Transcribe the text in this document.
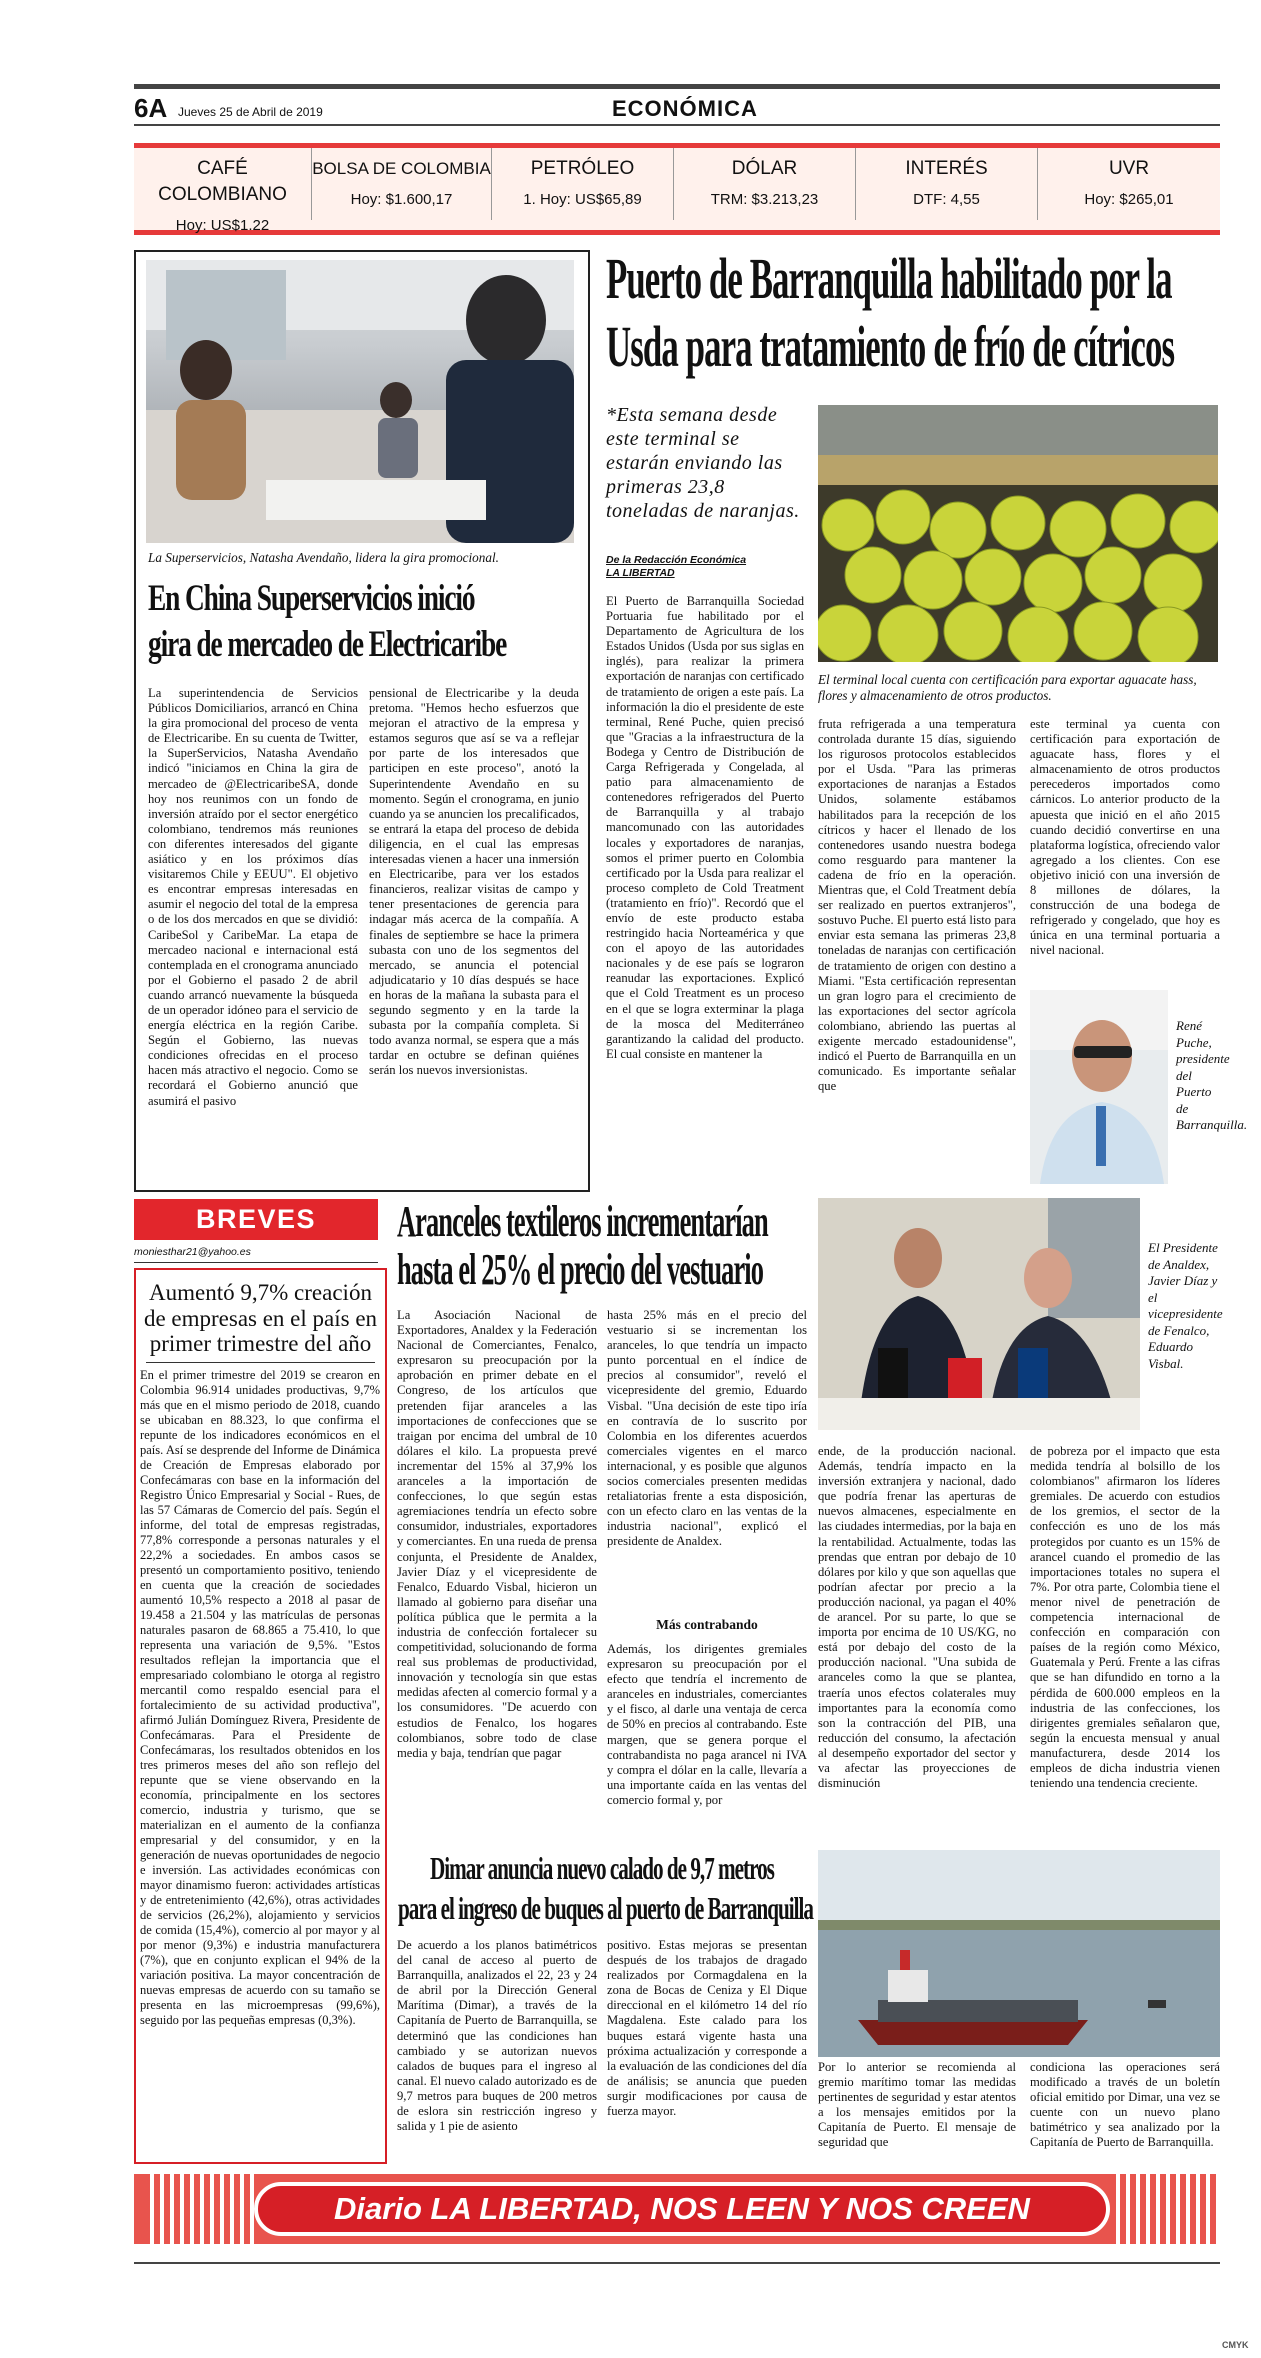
6A Jueves 25 de Abril de 2019	ECONÓMICA
CAFÉ COLOMBIANO
Hoy: US$1.22
BOLSA DE COLOMBIA
Hoy: $1.600,17
PETRÓLEO
1. Hoy: US$65,89
DÓLAR
TRM: $3.213,23
INTERÉS
DTF: 4,55
UVR
Hoy: $265,01
La Superservicios, Natasha Avendaño, lidera la gira promocional.
En China Superservicios inició
gira de mercadeo de Electricaribe
La superintendencia de Servicios Públicos Domiciliarios, arrancó en China la gira promocional del proceso de venta de Electricaribe. En su cuenta de Twitter, la SuperServicios, Natasha Avendaño indicó "iniciamos en China la gira de mercadeo de @ElectricaribeSA, donde hoy nos reunimos con un fondo de inversión atraído por el sector energético colombiano, tendremos más reuniones con diferentes interesados del gigante asiático y en los próximos días visitaremos Chile y EEUU". El objetivo es encontrar empresas interesadas en asumir el negocio del total de la empresa o de los dos mercados en que se dividió: CaribeSol y CaribeMar. La etapa de mercadeo nacional e internacional está contemplada en el cronograma anunciado por el Gobierno el pasado 2 de abril cuando arrancó nuevamente la búsqueda de un operador idóneo para el servicio de energía eléctrica en la región Caribe. Según el Gobierno, las nuevas condiciones ofrecidas en el proceso hacen más atractivo el negocio. Como se recordará el Gobierno anunció que asumirá el pasivo
pensional de Electricaribe y la deuda pretoma. "Hemos hecho esfuerzos que mejoran el atractivo de la empresa y estamos seguros que así se va a reflejar por parte de los interesados que participen en este proceso", anotó la Superintendente Avendaño en su momento. Según el cronograma, en junio cuando ya se anuncien los precalificados, se entrará la etapa del proceso de debida diligencia, en el cual las empresas interesadas vienen a hacer una inmersión en Electricaribe, para ver los estados financieros, realizar visitas de campo y tener presentaciones de gerencia para indagar más acerca de la compañía. A finales de septiembre se hace la primera subasta con uno de los segmentos del mercado, se anuncia el potencial adjudicatario y 10 días después se hace en horas de la mañana la subasta para el segundo segmento y en la tarde la subasta por la compañía completa. Si todo avanza normal, se espera que a más tardar en octubre se definan quiénes serán los nuevos inversionistas.
Puerto de Barranquilla habilitado por la
Usda para tratamiento de frío de cítricos
*Esta semana desde este terminal se estarán enviando las primeras 23,8 toneladas de naranjas.
De la Redacción Económica
LA LIBERTAD
El terminal local cuenta con certificación para exportar aguacate hass, flores y almacenamiento de otros productos.
El Puerto de Barranquilla Sociedad Portuaria fue habilitado por el Departamento de Agricultura de los Estados Unidos (Usda por sus siglas en inglés), para realizar la primera exportación de naranjas con certificado de tratamiento de origen a este país. La información la dio el presidente de este terminal, René Puche, quien precisó que "Gracias a la infraestructura de la Bodega y Centro de Distribución de Carga Refrigerada y Congelada, al patio para almacenamiento de contenedores refrigerados del Puerto de Barranquilla y al trabajo mancomunado con las autoridades locales y exportadores de naranjas, somos el primer puerto en Colombia certificado por la Usda para realizar el proceso completo de Cold Treatment (tratamiento en frío)". Recordó que el envío de este producto estaba restringido hacia Norteamérica y que con el apoyo de las autoridades nacionales y de ese país se lograron reanudar las exportaciones. Explicó que el Cold Treatment es un proceso en el que se logra exterminar la plaga de la mosca del Mediterráneo garantizando la calidad del producto. El cual consiste en mantener la
fruta refrigerada a una temperatura controlada durante 15 días, siguiendo los rigurosos protocolos establecidos por el Usda. "Para las primeras exportaciones de naranjas a Estados Unidos, solamente estábamos habilitados para la recepción de los cítricos y hacer el llenado de los contenedores usando nuestra bodega como resguardo para mantener la cadena de frío en la operación. Mientras que, el Cold Treatment debía ser realizado en puertos extranjeros", sostuvo Puche. El puerto está listo para enviar esta semana las primeras 23,8 toneladas de naranjas con certificación de tratamiento de origen con destino a Miami. "Esta certificación representan un gran logro para el crecimiento de las exportaciones del sector agrícola colombiano, abriendo las puertas al exigente mercado estadounidense", indicó el Puerto de Barranquilla en un comunicado. Es importante señalar que
este terminal ya cuenta con certificación para exportación de aguacate hass, flores y el almacenamiento de otros productos perecederos importados como cárnicos. Lo anterior producto de la apuesta que inició en el año 2015 cuando decidió convertirse en una plataforma logística, ofreciendo valor agregado a los clientes. Con ese objetivo inició con una inversión de 8 millones de dólares, la construcción de una bodega de refrigerado y congelado, que hoy es única en una terminal portuaria a nivel nacional.
René Puche, presidente del Puerto de Barranquilla.
BREVES
moniesthar21@yahoo.es
Aumentó 9,7% creación de empresas en el país en primer trimestre del año
En el primer trimestre del 2019 se crearon en Colombia 96.914 unidades productivas, 9,7% más que en el mismo periodo de 2018, cuando se ubicaban en 88.323, lo que confirma el repunte de los indicadores económicos en el país. Así se desprende del Informe de Dinámica de Creación de Empresas elaborado por Confecámaras con base en la información del Registro Único Empresarial y Social - Rues, de las 57 Cámaras de Comercio del país. Según el informe, del total de empresas registradas, 77,8% corresponde a personas naturales y el 22,2% a sociedades. En ambos casos se presentó un comportamiento positivo, teniendo en cuenta que la creación de sociedades aumentó 10,5% respecto a 2018 al pasar de 19.458 a 21.504 y las matrículas de personas naturales pasaron de 68.865 a 75.410, lo que representa una variación de 9,5%. "Estos resultados reflejan la importancia que el empresariado colombiano le otorga al registro mercantil como respaldo esencial para el fortalecimiento de su actividad productiva", afirmó Julián Domínguez Rivera, Presidente de Confecámaras. Para el Presidente de Confecámaras, los resultados obtenidos en los tres primeros meses del año son reflejo del repunte que se viene observando en la economía, principalmente en los sectores comercio, industria y turismo, que se materializan en el aumento de la confianza empresarial y del consumidor, y en la generación de nuevas oportunidades de negocio e inversión. Las actividades económicas con mayor dinamismo fueron: actividades artísticas y de entretenimiento (42,6%), otras actividades de servicios (26,2%), alojamiento y servicios de comida (15,4%), comercio al por mayor y al por menor (9,3%) e industria manufacturera (7%), que en conjunto explican el 94% de la variación positiva. La mayor concentración de nuevas empresas de acuerdo con su tamaño se presenta en las microempresas (99,6%), seguido por las pequeñas empresas (0,3%).
Aranceles textileros incrementarían
hasta el 25% el precio del vestuario
La Asociación Nacional de Exportadores, Analdex y la Federación Nacional de Comerciantes, Fenalco, expresaron su preocupación por la aprobación en primer debate en el Congreso, de los artículos que pretenden fijar aranceles a las importaciones de confecciones que se traigan por encima del umbral de 10 dólares el kilo. La propuesta prevé incrementar del 15% al 37,9% los aranceles a la importación de confecciones, lo que según estas agremiaciones tendría un efecto sobre consumidor, industriales, exportadores y comerciantes. En una rueda de prensa conjunta, el Presidente de Analdex, Javier Díaz y el vicepresidente de Fenalco, Eduardo Visbal, hicieron un llamado al gobierno para diseñar una política pública que le permita a la industria de confección fortalecer su competitividad, solucionando de forma real sus problemas de productividad, innovación y tecnología sin que estas medidas afecten al comercio formal y a los consumidores. "De acuerdo con estudios de Fenalco, los hogares colombianos, sobre todo de clase media y baja, tendrían que pagar
hasta 25% más en el precio del vestuario si se incrementan los aranceles, lo que tendría un impacto punto porcentual en el índice de precios al consumidor", reveló el vicepresidente del gremio, Eduardo Visbal. "Una decisión de este tipo iría en contravía de lo suscrito por Colombia en los diferentes acuerdos comerciales vigentes en el marco internacional, y es posible que algunos socios comerciales presenten medidas retaliatorias frente a esta disposición, con un efecto claro en las ventas de la industria nacional", explicó el presidente de Analdex.
Más contrabando
Además, los dirigentes gremiales expresaron su preocupación por el efecto que tendría el incremento de aranceles en industriales, comerciantes y el fisco, al darle una ventaja de cerca de 50% en precios al contrabando. Este margen, que se genera porque el contrabandista no paga arancel ni IVA y compra el dólar en la calle, llevaría a una importante caída en las ventas del comercio formal y, por
El Presidente de Analdex, Javier Díaz y el vicepresidente de Fenalco, Eduardo Visbal.
ende, de la producción nacional. Además, tendría impacto en la inversión extranjera y nacional, dado que podría frenar las aperturas de nuevos almacenes, especialmente en las ciudades intermedias, por la baja en la rentabilidad. Actualmente, todas las prendas que entran por debajo de 10 dólares por kilo y que son aquellas que podrían afectar por precio a la producción nacional, ya pagan el 40% de arancel. Por su parte, lo que se importa por encima de 10 US/KG, no está por debajo del costo de la producción nacional. "Una subida de aranceles como la que se plantea, traería unos efectos colaterales muy importantes para la economía como son la contracción del PIB, una reducción del consumo, la afectación al desempeño exportador del sector y va afectar las proyecciones de disminución
de pobreza por el impacto que esta medida tendría al bolsillo de los colombianos" afirmaron los líderes gremiales. De acuerdo con estudios de los gremios, el sector de la confección es uno de los más protegidos por cuanto es un 15% de arancel cuando el promedio de las importaciones totales no supera el 7%. Por otra parte, Colombia tiene el menor nivel de penetración de competencia internacional de confección en comparación con países de la región como México, Guatemala y Perú. Frente a las cifras que se han difundido en torno a la pérdida de 600.000 empleos en la industria de las confecciones, los dirigentes gremiales señalaron que, según la encuesta mensual y anual manufacturera, desde 2014 los empleos de dicha industria vienen teniendo una tendencia creciente.
Dimar anuncia nuevo calado de 9,7 metros
para el ingreso de buques al puerto de Barranquilla
De acuerdo a los planos batimétricos del canal de acceso al puerto de Barranquilla, analizados el 22, 23 y 24 de abril por la Dirección General Marítima (Dimar), a través de la Capitanía de Puerto de Barranquilla, se determinó que las condiciones han cambiado y se autorizan nuevos calados de buques para el ingreso al canal. El nuevo calado autorizado es de 9,7 metros para buques de 200 metros de eslora sin restricción ingreso y salida y 1 pie de asiento
positivo. Estas mejoras se presentan después de los trabajos de dragado realizados por Cormagdalena en la zona de Bocas de Ceniza y El Dique direccional en el kilómetro 14 del río Magdalena. Este calado para los buques estará vigente hasta una próxima actualización y corresponde a la evaluación de las condiciones del día de análisis; se anuncia que pueden surgir modificaciones por causa de fuerza mayor.
Por lo anterior se recomienda al gremio marítimo tomar las medidas pertinentes de seguridad y estar atentos a los mensajes emitidos por la Capitanía de Puerto. El mensaje de seguridad que
condiciona las operaciones será modificado a través de un boletín oficial emitido por Dimar, una vez se cuente con un nuevo plano batimétrico y sea analizado por la Capitanía de Puerto de Barranquilla.
Diario LA LIBERTAD, NOS LEEN Y NOS CREEN
CMYK
